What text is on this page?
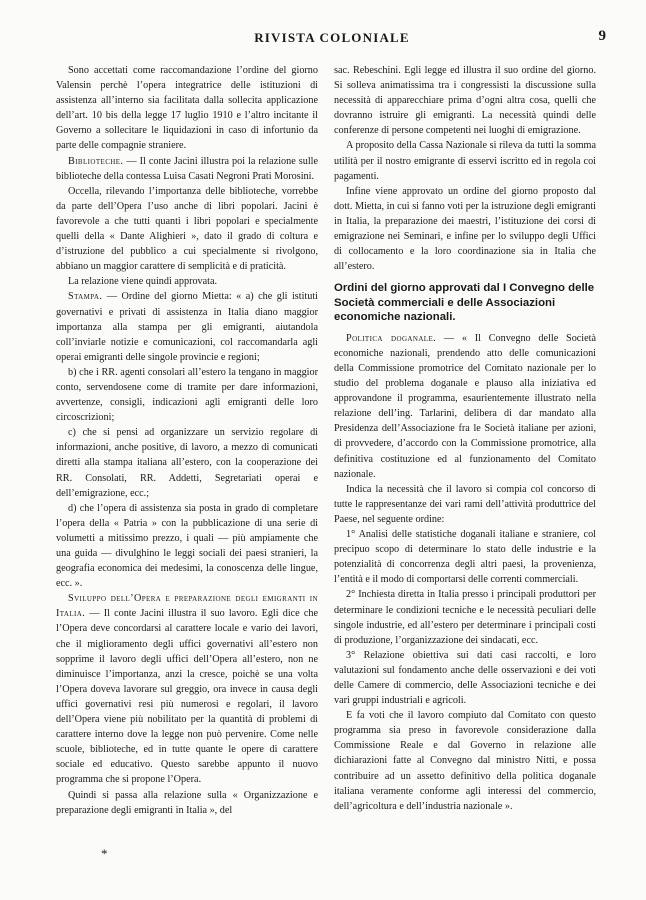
RIVISTA COLONIALE	9

Sono accettati come raccomandazione l’ordine del giorno Valensin perchè l’opera integratrice delle istituzioni di assistenza all’interno sia facilitata dalla sollecita applicazione dell’art. 10 bis della legge 17 luglio 1910 e l’altro incitante il Governo a sollecitare le liquidazioni in caso di infortunio da parte delle compagnie straniere.

Biblioteche. — Il conte Jacini illustra poi la relazione sulle biblioteche della contessa Luisa Casati Negroni Prati Morosini.

Occella, rilevando l’importanza delle biblioteche, vorrebbe da parte dell’Opera l’uso anche di libri popolari. Jacini è favorevole a che tutti quanti i libri popolari e specialmente quelli della « Dante Alighieri », dato il grado di coltura e d’istruzione del pubblico a cui specialmente si rivolgono, abbiano un maggior carattere di semplicità e di praticità.

La relazione viene quindi approvata.

Stampa. — Ordine del giorno Mietta: « a) che gli istituti governativi e privati di assistenza in Italia diano maggior importanza alla stampa per gli emigranti, aiutandola coll’inviarle notizie e comunicazioni, col raccomandarla agli operai emigranti delle singole provincie e regioni;

b) che i RR. agenti consolari all’estero la tengano in maggior conto, servendosene come di tramite per dare informazioni, avvertenze, consigli, indicazioni agli emigranti delle loro circoscrizioni;

c) che si pensi ad organizzare un servizio regolare di informazioni, anche positive, di lavoro, a mezzo di comunicati diretti alla stampa italiana all’estero, con la cooperazione dei RR. Consolati, RR. Addetti, Segretariati operai e dell’emigrazione, ecc.;

d) che l’opera di assistenza sia posta in grado di completare l’opera della « Patria » con la pubblicazione di una serie di volumetti a mitissimo prezzo, i quali — più ampiamente che una guida — divulghino le leggi sociali dei paesi stranieri, la geografia economica dei medesimi, la conoscenza delle lingue, ecc. ».

Sviluppo dell’Opera e preparazione degli emigranti in Italia. — Il conte Jacini illustra il suo lavoro. Egli dice che l’Opera deve concordarsi al carattere locale e vario dei lavori, che il miglioramento degli uffici governativi all’estero non sopprime il lavoro degli uffici dell’Opera all’estero, non ne diminuisce l’importanza, anzi la cresce, poichè se una volta l’Opera doveva lavorare sul greggio, ora invece in causa degli uffici governativi resi più numerosi e regolari, il lavoro dell’Opera viene più nobilitato per la quantità di problemi di carattere interno dove la legge non può pervenire. Come nelle scuole, biblioteche, ed in tutte quante le opere di carattere sociale ed educativo. Questo sarebbe appunto il nuovo programma che si propone l’Opera.

Quindi si passa alla relazione sulla « Organizzazione e preparazione degli emigranti in Italia », del

sac. Rebeschini. Egli legge ed illustra il suo ordine del giorno. Si solleva animatissima tra i congressisti la discussione sulla necessità di apparecchiare prima d’ogni altra cosa, quelli che dovranno istruire gli emigranti. La necessità quindi delle conferenze di persone competenti nei luoghi di emigrazione.

A proposito della Cassa Nazionale si rileva da tutti la somma utilità per il nostro emigrante di esservi iscritto ed in regola coi pagamenti.

Infine viene approvato un ordine del giorno proposto dal dott. Mietta, in cui si fanno voti per la istruzione degli emigranti in Italia, la preparazione dei maestri, l’istituzione dei corsi di emigrazione nei Seminari, e infine per lo sviluppo degli Uffici di collocamento e la loro coordinazione sia in Italia che all’estero.

Ordini del giorno approvati dal I Convegno delle Società commerciali e delle Associazioni economiche nazionali.

Politica doganale. — « Il Convegno delle Società economiche nazionali, prendendo atto delle comunicazioni della Commissione promotrice del Comitato nazionale per lo studio del problema doganale e plauso alla iniziativa ed approvandone il programma, esaurientemente illustrato nella relazione dell’ing. Tarlarini, delibera di dar mandato alla Presidenza dell’Associazione fra le Società italiane per azioni, di provvedere, d’accordo con la Commissione promotrice, alla definitiva costituzione ed al funzionamento del Comitato nazionale.

Indica la necessità che il lavoro si compia col concorso di tutte le rappresentanze dei vari rami dell’attività produttrice del Paese, nel seguente ordine:

1° Analisi delle statistiche doganali italiane e straniere, col precipuo scopo di determinare lo stato delle industrie e la potenzialità di concorrenza degli altri paesi, la provenienza, l’entità e il modo di comportarsi delle correnti commerciali.

2° Inchiesta diretta in Italia presso i principali produttori per determinare le condizioni tecniche e le necessità peculiari delle singole industrie, ed all’estero per determinare i principali costi di produzione, l’organizzazione dei sindacati, ecc.

3° Relazione obiettiva sui dati casi raccolti, e loro valutazioni sul fondamento anche delle osservazioni e dei voti delle Camere di commercio, delle Associazioni tecniche e dei vari gruppi industriali e agricoli.

E fa voti che il lavoro compiuto dal Comitato con questo programma sia preso in favorevole considerazione dalla Commissione Reale e dal Governo in relazione alle dichiarazioni fatte al Convegno dal ministro Nitti, e possa contribuire ad un assetto definitivo della politica doganale italiana veramente conforme agli interessi del commercio, dell’agricoltura e dell’industria nazionale ».

*
